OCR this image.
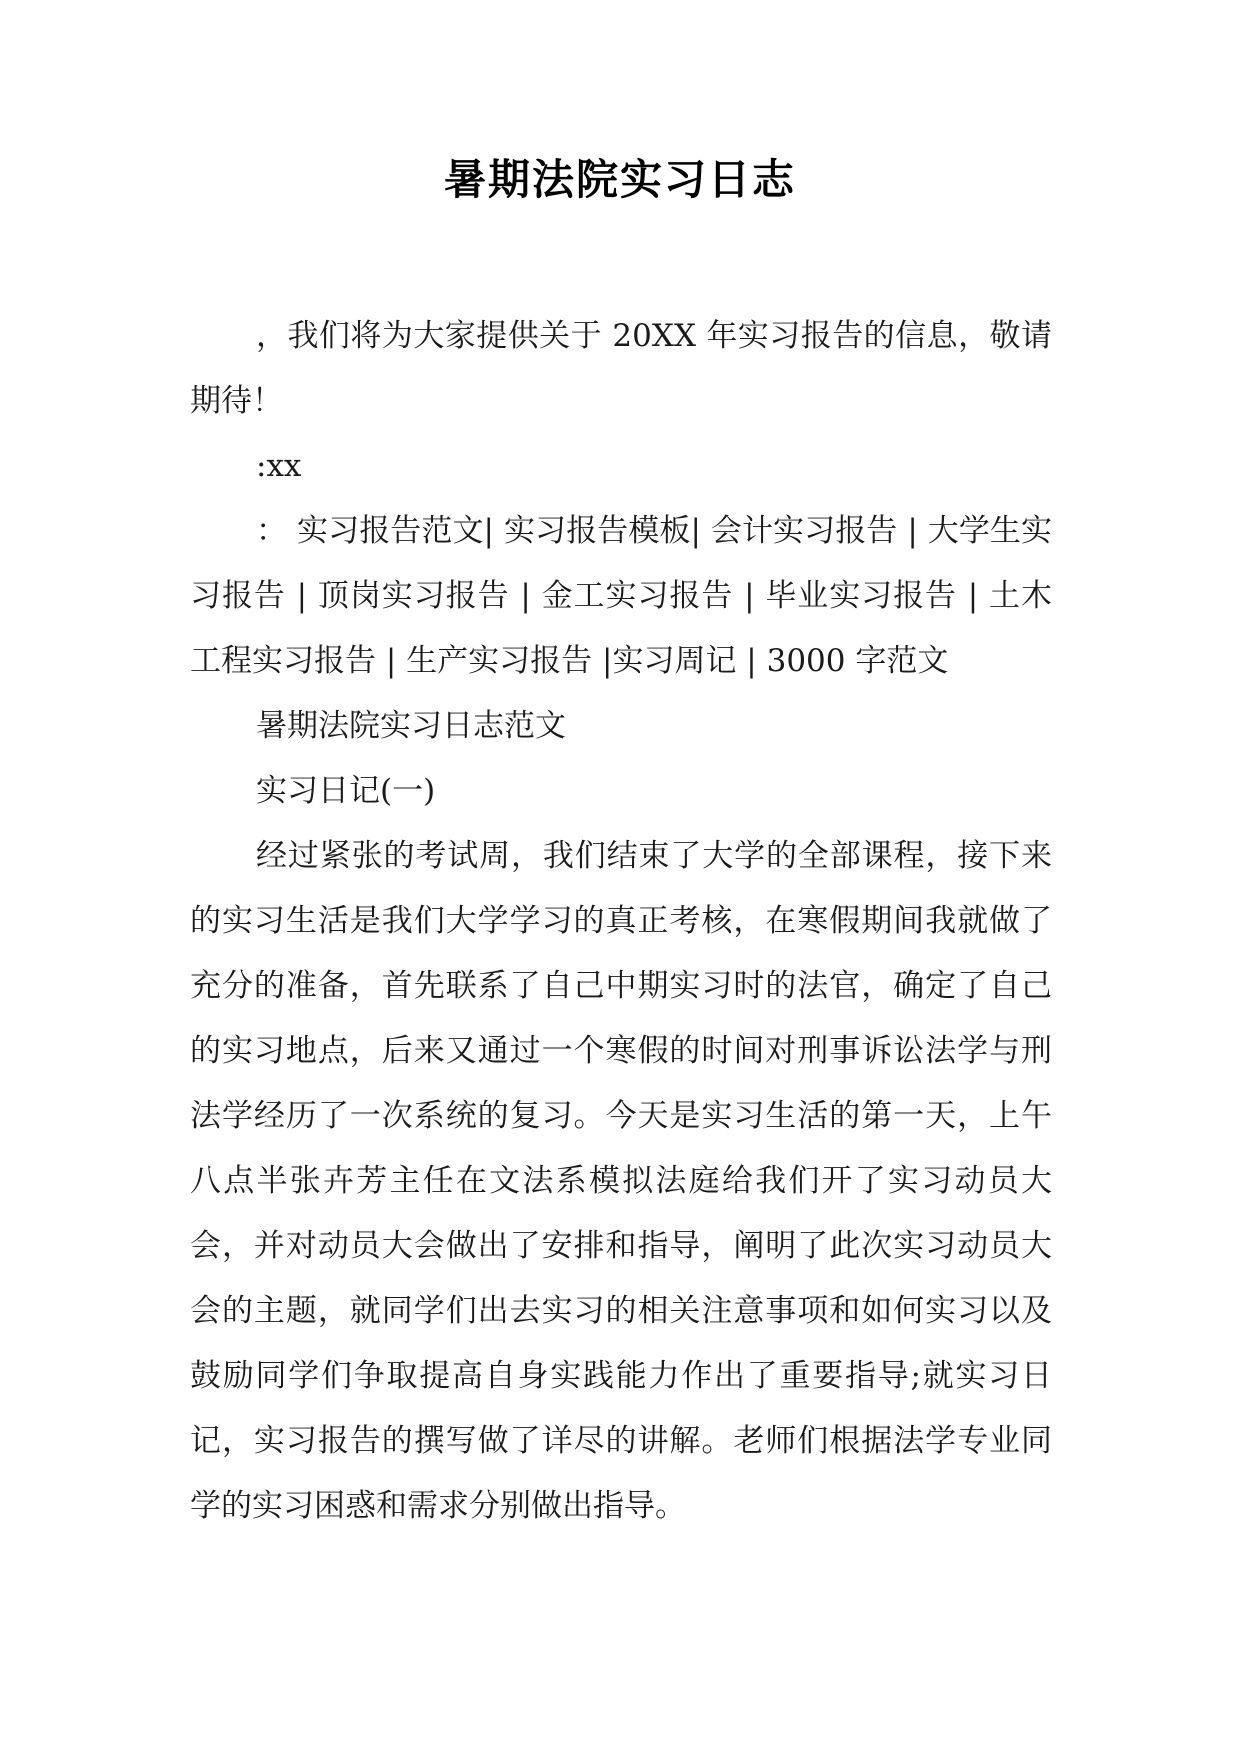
暑期法院实习日志

，我们将为大家提供关于 20XX 年实习报告的信息，敬请期待！

:xx

： 实习报告范文| 实习报告模板| 会计实习报告 | 大学生实习报告 | 顶岗实习报告 | 金工实习报告 | 毕业实习报告 | 土木工程实习报告 | 生产实习报告 |实习周记 | 3000 字范文

暑期法院实习日志范文

实习日记(一)

经过紧张的考试周，我们结束了大学的全部课程，接下来的实习生活是我们大学学习的真正考核，在寒假期间我就做了充分的准备，首先联系了自己中期实习时的法官，确定了自己的实习地点，后来又通过一个寒假的时间对刑事诉讼法学与刑法学经历了一次系统的复习。今天是实习生活的第一天，上午八点半张卉芳主任在文法系模拟法庭给我们开了实习动员大会，并对动员大会做出了安排和指导，阐明了此次实习动员大会的主题，就同学们出去实习的相关注意事项和如何实习以及鼓励同学们争取提高自身实践能力作出了重要指导;就实习日记，实习报告的撰写做了详尽的讲解。老师们根据法学专业同学的实习困惑和需求分别做出指导。
